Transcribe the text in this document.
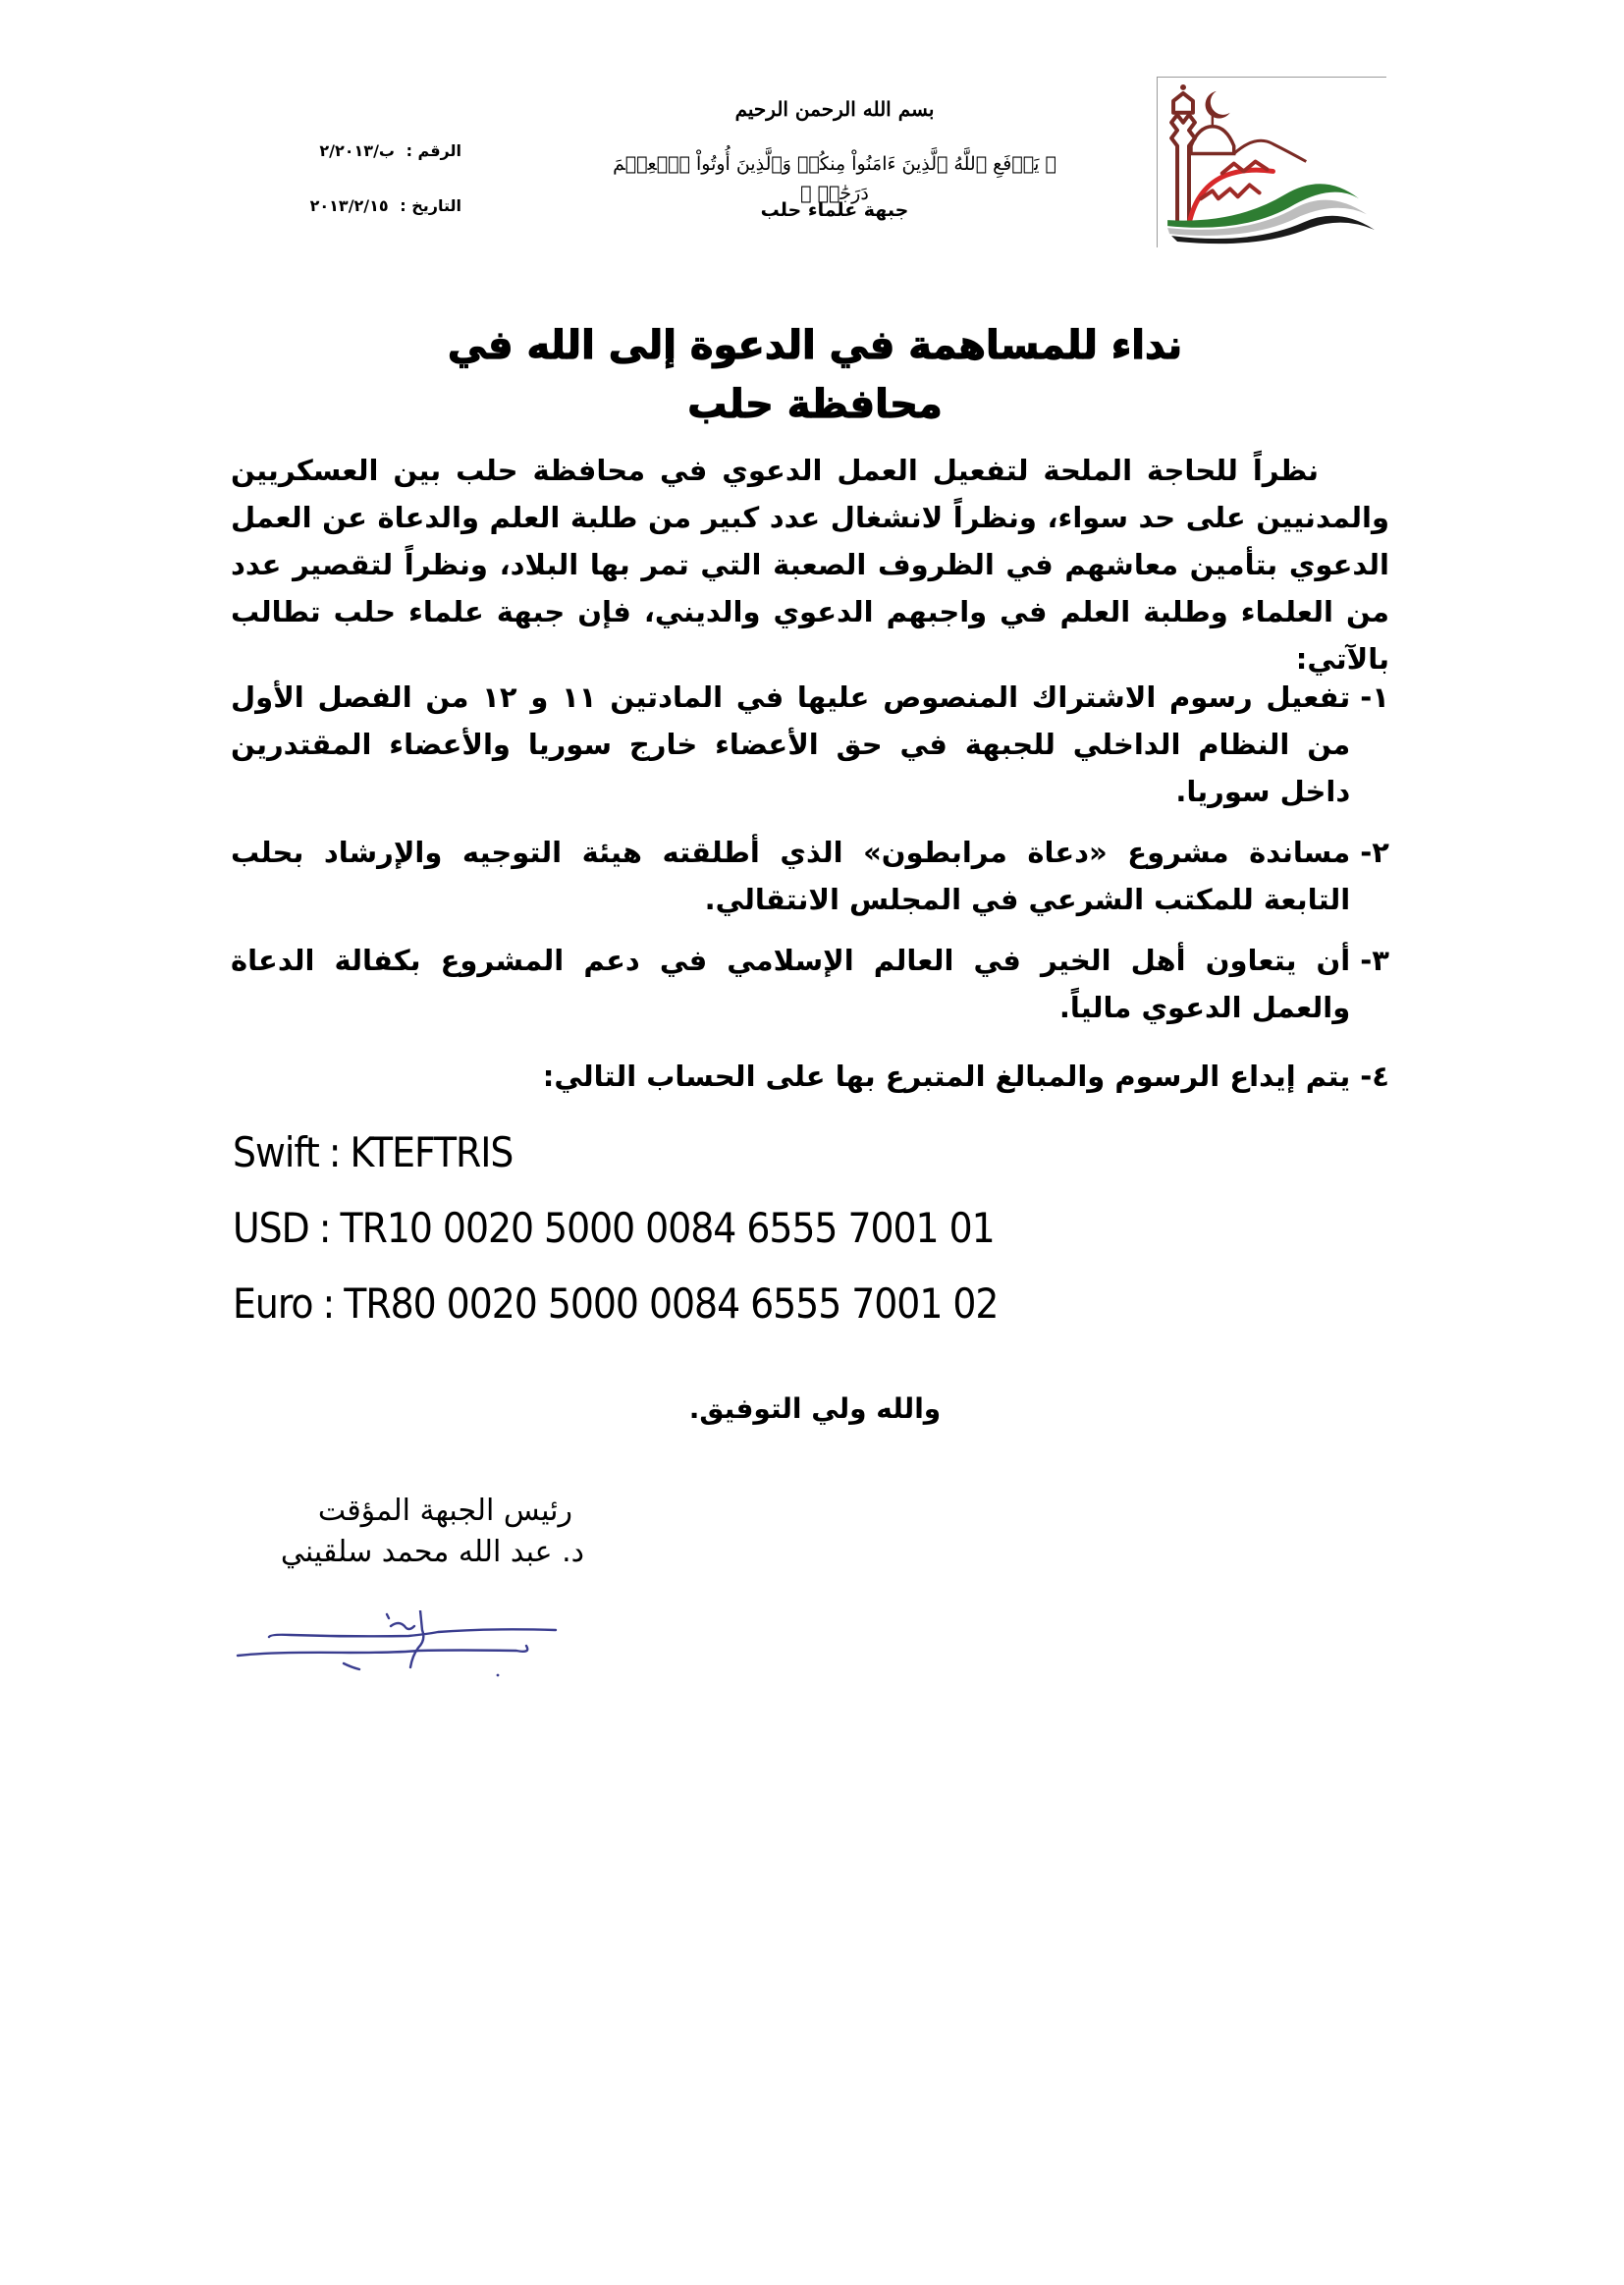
بسم الله الرحمن الرحيم
﴿ يَرۡفَعِ ٱللَّهُ ٱلَّذِينَ ءَامَنُواْ مِنكُمۡ وَٱلَّذِينَ أُوتُواْ ٱلۡعِلۡمَ دَرَجَٰتٖ ﴾
جبهة علماء حلب
الرقم : ب/٢/٢٠١٣
التاريخ : ٢٠١٣/٢/١٥
نداء للمساهمة في الدعوة إلى الله في محافظة حلب

نظراً للحاجة الملحة لتفعيل العمل الدعوي في محافظة حلب بين العسكريين والمدنيين على حد سواء، ونظراً لانشغال عدد كبير من طلبة العلم والدعاة عن العمل الدعوي بتأمين معاشهم في الظروف الصعبة التي تمر بها البلاد، ونظراً لتقصير عدد من العلماء وطلبة العلم في واجبهم الدعوي والديني، فإن جبهة علماء حلب تطالب بالآتي:

١-
تفعيل رسوم الاشتراك المنصوص عليها في المادتين ١١ و ١٢ من الفصل الأول من النظام الداخلي للجبهة في حق الأعضاء خارج سوريا والأعضاء المقتدرين داخل سوريا.
٢-
مساندة مشروع «دعاة مرابطون» الذي أطلقته هيئة التوجيه والإرشاد بحلب التابعة للمكتب الشرعي في المجلس الانتقالي.
٣-
أن يتعاون أهل الخير في العالم الإسلامي في دعم المشروع بكفالة الدعاة والعمل الدعوي مالياً.
٤-
يتم إيداع الرسوم والمبالغ المتبرع بها على الحساب التالي:
Swift : KTEFTRIS
USD : TR10 0020 5000 0084 6555 7001 01
Euro : TR80 0020 5000 0084 6555 7001 02
والله ولي التوفيق.
رئيس الجبهة المؤقت
د. عبد الله محمد سلقيني
